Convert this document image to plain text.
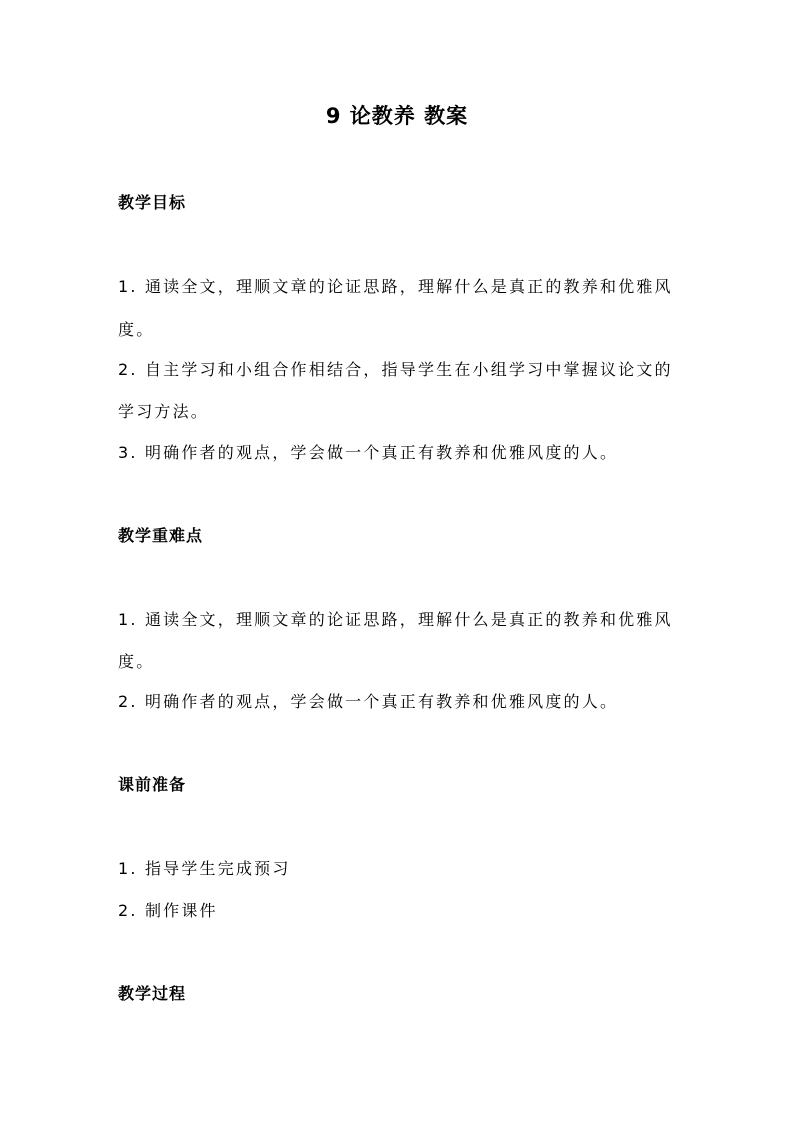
9 论教养 教案
教学目标
1. 通读全文，理顺文章的论证思路，理解什么是真正的教养和优雅风
度。
2. 自主学习和小组合作相结合，指导学生在小组学习中掌握议论文的
学习方法。
3. 明确作者的观点，学会做一个真正有教养和优雅风度的人。
教学重难点
1. 通读全文，理顺文章的论证思路，理解什么是真正的教养和优雅风
度。
2. 明确作者的观点，学会做一个真正有教养和优雅风度的人。
课前准备
1. 指导学生完成预习
2. 制作课件
教学过程
